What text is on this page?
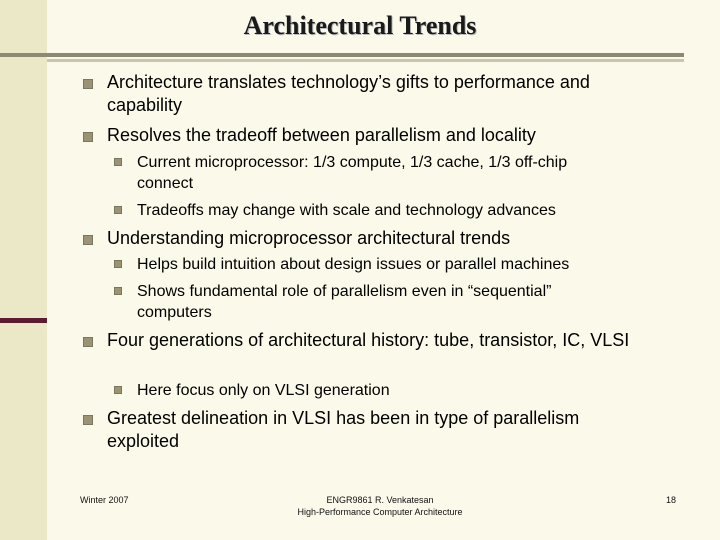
Architectural Trends
Architecture translates technology’s gifts to performance and capability
Resolves the tradeoff between parallelism and locality
Current microprocessor: 1/3 compute, 1/3 cache, 1/3 off-chip connect
Tradeoffs may change with scale and technology advances
Understanding microprocessor architectural trends
Helps build intuition about design issues or parallel machines
Shows fundamental role of parallelism even in “sequential” computers
Four generations of architectural history: tube, transistor, IC, VLSI
Here focus only on VLSI generation
Greatest delineation in VLSI has been in type of parallelism exploited
Winter 2007	ENGR9861 R. Venkatesan
High-Performance Computer Architecture
18
